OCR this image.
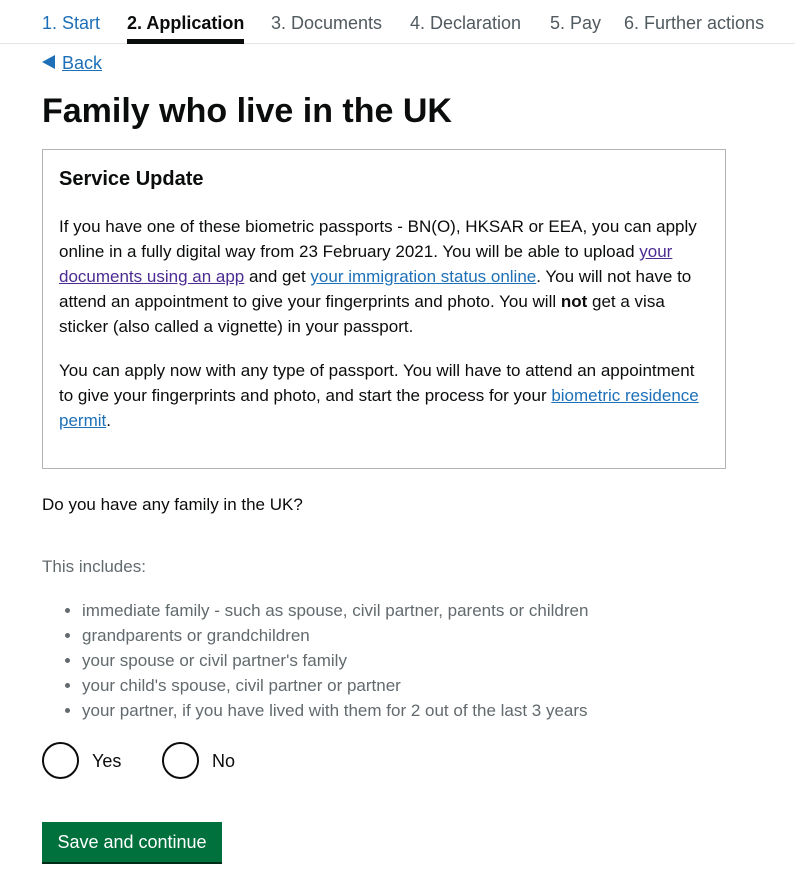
1. Start 2. Application 3. Documents 4. Declaration 5. Pay 6. Further actions
Back
Family who live in the UK
Service Update

If you have one of these biometric passports - BN(O), HKSAR or EEA, you can apply online in a fully digital way from 23 February 2021. You will be able to upload your documents using an app and get your immigration status online. You will not have to attend an appointment to give your fingerprints and photo. You will not get a visa sticker (also called a vignette) in your passport.

You can apply now with any type of passport. You will have to attend an appointment to give your fingerprints and photo, and start the process for your biometric residence permit.

Do you have any family in the UK?
This includes:
• immediate family - such as spouse, civil partner, parents or children
• grandparents or grandchildren
• your spouse or civil partner's family
• your child's spouse, civil partner or partner
• your partner, if you have lived with them for 2 out of the last 3 years
Yes	No
Save and continue
